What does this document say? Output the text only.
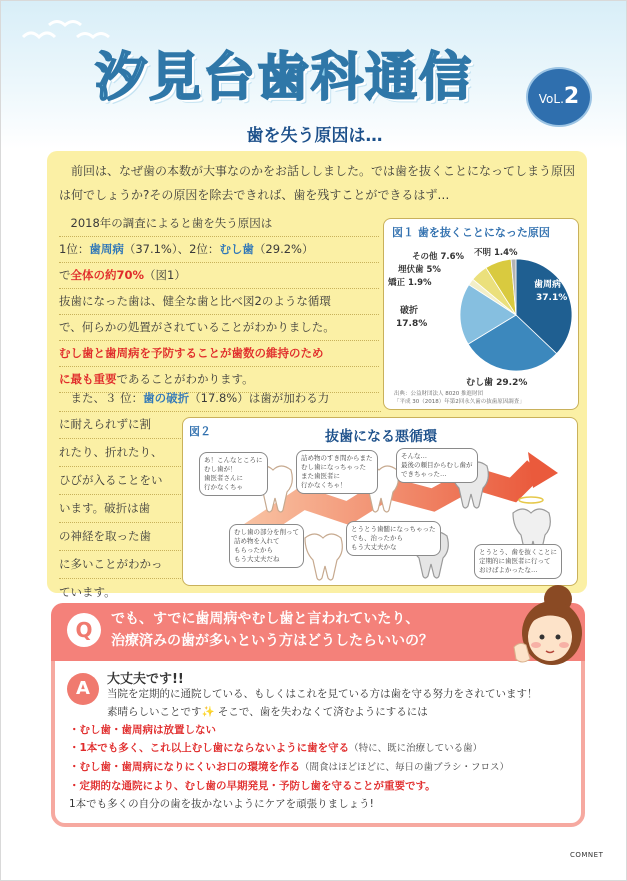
汐見台歯科通信	VoL.2
歯を失う原因は…

前回は、なぜ歯の本数が大事なのかをお話ししました。では歯を抜くことになってしまう原因は何でしょうか?その原因を除去できれば、歯を残すことができるはず…

2018年の調査によると歯を失う原因は
1位：歯周病（37.1%）、2位：むし歯（29.2%）
で全体の約70%（図1）
抜歯になった歯は、健全な歯と比べ図2のような循環
で、何らかの処置がされていることがわかりました。
むし歯と歯周病を予防することが歯数の維持のため
に最も重要であることがわかります。
また、３ 位：歯の破折（17.8%）は歯が加わる力
に耐えられずに割
れたり、折れたり、
ひびが入ることをい
います。破折は歯
の神経を取った歯
に多いことがわかっ
ています。
図１ 歯を抜くことになった原因
不明 1.4%
その他 7.6%
埋伏歯 5%
矯正 1.9%
破折
17.8%
歯周病
37.1%
むし歯 29.2%
出典：公益財団法人 8020 推進財団
「平成 30（2018）年第2回永久歯の抜歯原因調査」
図２	抜歯になる悪循環
あ！こんなところに
むし歯が！
歯医者さんに
行かなくちゃ
詰め物のすき間からまた
むし歯になっちゃった
また歯医者に
行かなくちゃ！
そんな…
最後の頼目からむし歯が
できちゃった…
むし歯の部分を削って
詰め物を入れて
もらったから
もう大丈夫だね
とうとう歯髄になっちゃった
でも、治ったから
もう大丈夫かな
とうとう、歯を抜くことに
定期的に歯医者に行って
おけばよかったな…
Q	でも、すでに歯周病やむし歯と言われていたり、
治療済みの歯が多いという方はどうしたらいいの？
A	大丈夫です!!
当院を定期的に通院している、もしくはこれを見ている方は歯を守る努力をされています！
素晴らしいことです✨ そこで、歯を失わなくて済むようにするには
・むし歯・歯周病は放置しない
・1本でも多く、これ以上むし歯にならないように歯を守る（特に、既に治療している歯）
・むし歯・歯周病になりにくいお口の環境を作る（間食はほどほどに、毎日の歯ブラシ・フロス）
・定期的な通院により、むし歯の早期発見・予防し歯を守ることが重要です。
1本でも多くの自分の歯を抜かないようにケアを頑張りましょう!
COMNET
